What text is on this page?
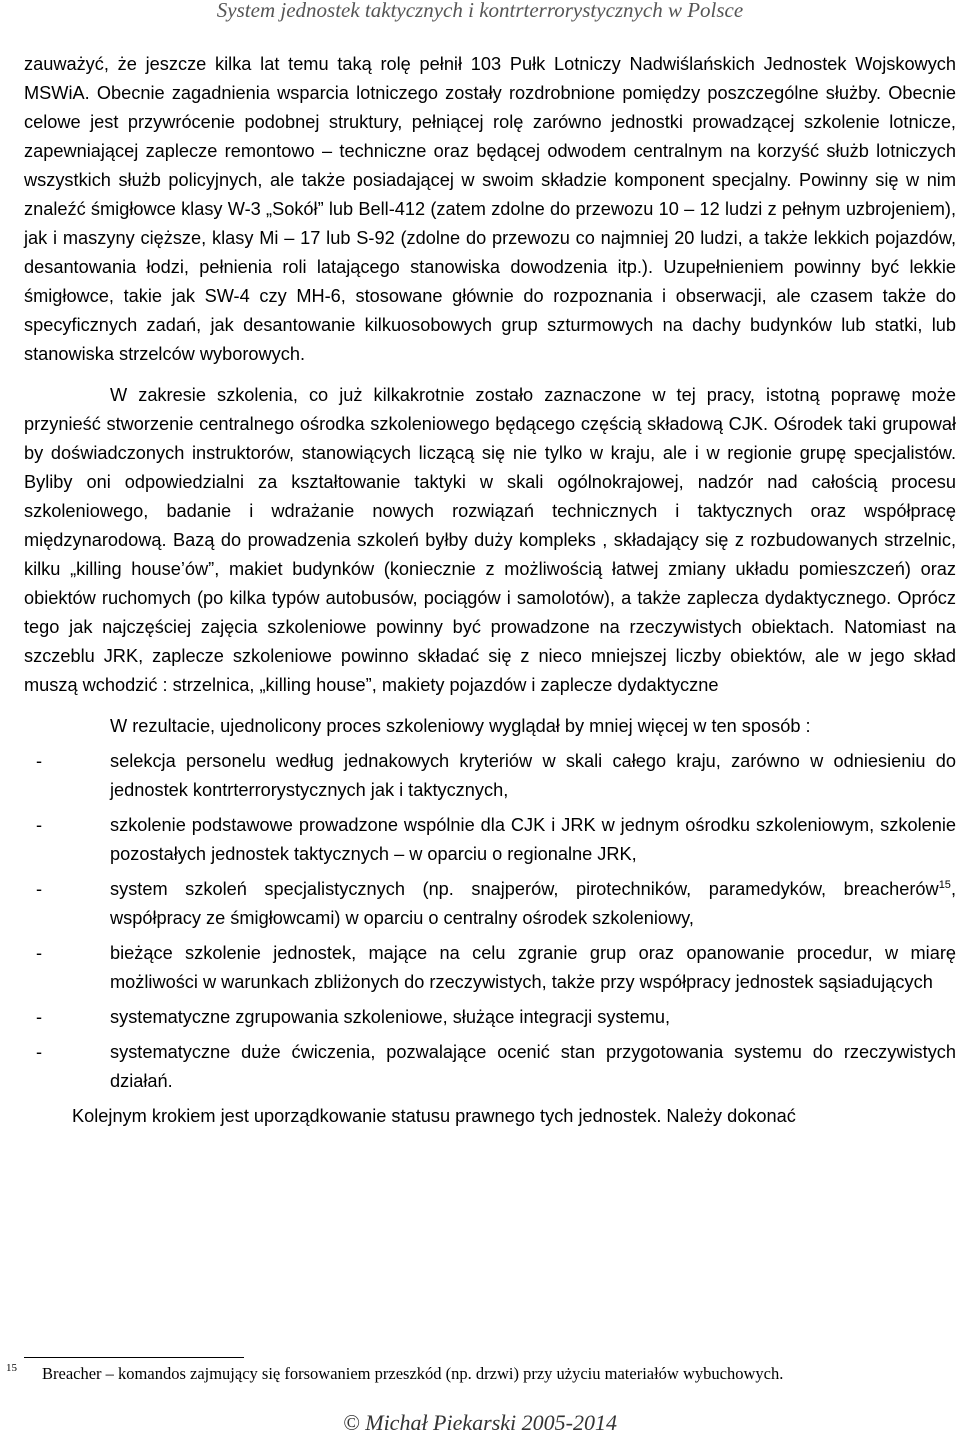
System jednostek taktycznych i kontrterrorystycznych w Polsce

zauważyć, że jeszcze kilka lat temu taką rolę pełnił 103 Pułk Lotniczy Nadwiślańskich Jednostek Wojskowych MSWiA. Obecnie zagadnienia wsparcia lotniczego zostały rozdrobnione pomiędzy poszczególne służby. Obecnie celowe jest przywrócenie podobnej struktury, pełniącej rolę zarówno jednostki prowadzącej szkolenie lotnicze, zapewniającej zaplecze remontowo – techniczne oraz będącej odwodem centralnym na korzyść służb lotniczych wszystkich służb policyjnych, ale także posiadającej w swoim składzie komponent specjalny. Powinny się w nim znaleźć śmigłowce klasy W-3 „Sokół” lub Bell-412 (zatem zdolne do przewozu 10 – 12 ludzi z pełnym uzbrojeniem), jak i maszyny cięższe, klasy Mi – 17 lub S-92 (zdolne do przewozu co najmniej 20 ludzi, a także lekkich pojazdów, desantowania łodzi, pełnienia roli latającego stanowiska dowodzenia itp.). Uzupełnieniem powinny być lekkie śmigłowce, takie jak SW-4 czy MH-6, stosowane głównie do rozpoznania i obserwacji, ale czasem także do specyficznych zadań, jak desantowanie kilkuosobowych grup szturmowych na dachy budynków lub statki, lub stanowiska strzelców wyborowych.

W zakresie szkolenia, co już kilkakrotnie zostało zaznaczone w tej pracy, istotną poprawę może przynieść stworzenie centralnego ośrodka szkoleniowego będącego częścią składową CJK. Ośrodek taki grupował by doświadczonych instruktorów, stanowiących liczącą się nie tylko w kraju, ale i w regionie grupę specjalistów. Byliby oni odpowiedzialni za kształtowanie taktyki w skali ogólnokrajowej, nadzór nad całością procesu szkoleniowego, badanie i wdrażanie nowych rozwiązań technicznych i taktycznych oraz współpracę międzynarodową. Bazą do prowadzenia szkoleń byłby duży kompleks , składający się z rozbudowanych strzelnic, kilku „killing house’ów”, makiet budynków (koniecznie z możliwością łatwej zmiany układu pomieszczeń) oraz obiektów ruchomych (po kilka typów autobusów, pociągów i samolotów), a także zaplecza dydaktycznego. Oprócz tego jak najczęściej zajęcia szkoleniowe powinny być prowadzone na rzeczywistych obiektach. Natomiast na szczeblu JRK, zaplecze szkoleniowe powinno składać się z nieco mniejszej liczby obiektów, ale w jego skład muszą wchodzić : strzelnica, „killing house”, makiety pojazdów i zaplecze dydaktyczne

W rezultacie, ujednolicony proces szkoleniowy wyglądał by mniej więcej w ten sposób :

-	selekcja personelu według jednakowych kryteriów w skali całego kraju, zarówno w odniesieniu do jednostek kontrterrorystycznych jak i taktycznych,
-	szkolenie podstawowe prowadzone wspólnie dla CJK i JRK w jednym ośrodku szkoleniowym, szkolenie pozostałych jednostek taktycznych – w oparciu o regionalne JRK,
-	system szkoleń specjalistycznych (np. snajperów, pirotechników, paramedyków, breacherów$^{15}$, współpracy ze śmigłowcami) w oparciu o centralny ośrodek szkoleniowy,
-	bieżące szkolenie jednostek, mające na celu zgranie grup oraz opanowanie procedur, w miarę możliwości w warunkach zbliżonych do rzeczywistych, także przy współpracy jednostek sąsiadujących
-	systematyczne zgrupowania szkoleniowe, służące integracji systemu,
-	systematyczne duże ćwiczenia, pozwalające ocenić stan przygotowania systemu do rzeczywistych działań.

Kolejnym krokiem jest uporządkowanie statusu prawnego tych jednostek. Należy dokonać

15 Breacher – komandos zajmujący się forsowaniem przeszkód (np. drzwi) przy użyciu materiałów wybuchowych.
© Michał Piekarski 2005-2014
